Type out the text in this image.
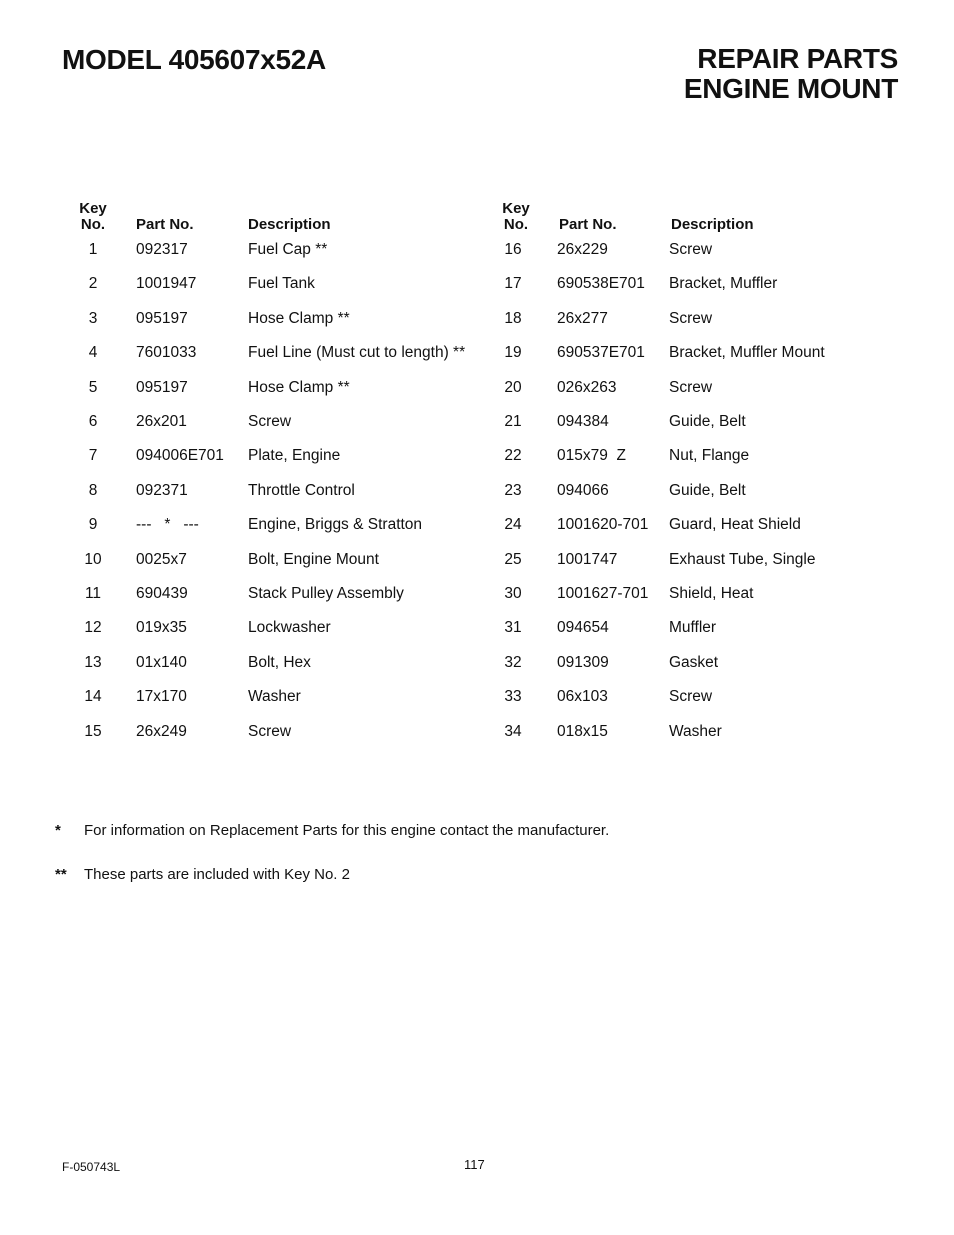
MODEL 405607x52A	REPAIR PARTS
ENGINE MOUNT
Key
No.	Part No.	Description
Key
No.	Part No.	Description
1	092317	Fuel Cap **
2	1001947	Fuel Tank
3	095197	Hose Clamp **
4	7601033	Fuel Line (Must cut to length) **
5	095197	Hose Clamp **
6	26x201	Screw
7	094006E701 Plate, Engine
8	092371	Throttle Control
9	---   *   ---	Engine, Briggs & Stratton
10	0025x7	Bolt, Engine Mount
11	690439	Stack Pulley Assembly
12	019x35	Lockwasher
13	01x140	Bolt, Hex
14	17x170	Washer
15	26x249	Screw
16	26x229	Screw
17	690538E701 Bracket, Muffler
18	26x277	Screw
19	690537E701 Bracket, Muffler Mount
20	026x263	Screw
21	094384	Guide, Belt
22	015x79  Z	Nut, Flange
23	094066	Guide, Belt
24	1001620-701 Guard, Heat Shield
25	1001747	Exhaust Tube, Single
30	1001627-701 Shield, Heat
31	094654	Muffler
32	091309	Gasket
33	06x103	Screw
34	018x15	Washer
* For information on Replacement Parts for this engine contact the manufacturer.
** These parts are included with Key No. 2
F-050743L	117
